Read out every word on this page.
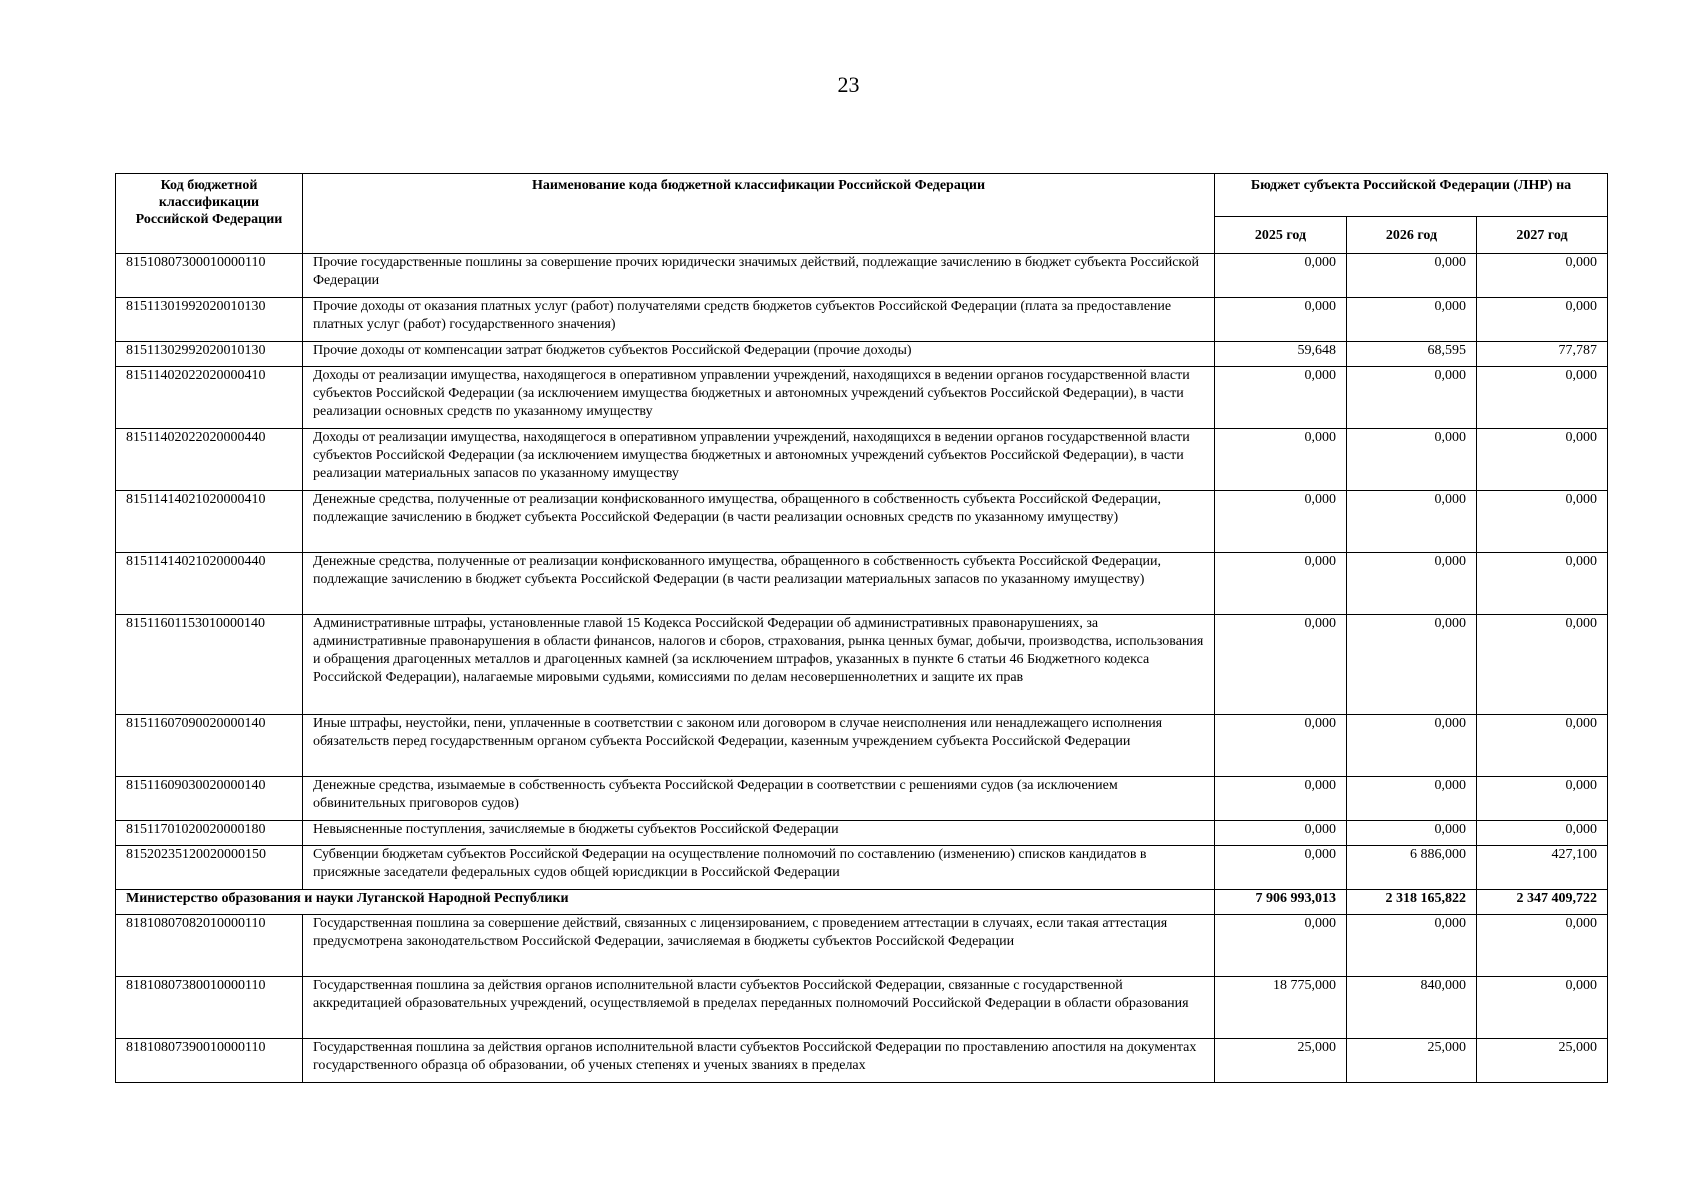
23
Код бюджетной классификации Российской Федерации	Наименование кода бюджетной классификации Российской Федерации	Бюджет субъекта Российской Федерации (ЛНР) на		
		2025 год	2026 год	2027 год
81510807300010000110	Прочие государственные пошлины за совершение прочих юридически значимых действий, подлежащие зачислению в бюджет субъекта Российской Федерации	0,000	0,000	0,000
81511301992020010130	Прочие доходы от оказания платных услуг (работ) получателями средств бюджетов субъектов Российской Федерации (плата за предоставление платных услуг (работ) государственного значения)	0,000	0,000	0,000
81511302992020010130	Прочие доходы от компенсации затрат бюджетов субъектов Российской Федерации (прочие доходы)	59,648	68,595	77,787
81511402022020000410	Доходы от реализации имущества, находящегося в оперативном управлении учреждений, находящихся в ведении органов государственной власти субъектов Российской Федерации (за исключением имущества бюджетных и автономных учреждений субъектов Российской Федерации), в части реализации основных средств по указанному имуществу	0,000	0,000	0,000
81511402022020000440	Доходы от реализации имущества, находящегося в оперативном управлении учреждений, находящихся в ведении органов государственной власти субъектов Российской Федерации (за исключением имущества бюджетных и автономных учреждений субъектов Российской Федерации), в части реализации материальных запасов по указанному имуществу	0,000	0,000	0,000
81511414021020000410	Денежные средства, полученные от реализации конфискованного имущества, обращенного в собственность субъекта Российской Федерации, подлежащие зачислению в бюджет субъекта Российской Федерации (в части реализации основных средств по указанному имуществу)	0,000	0,000	0,000
81511414021020000440	Денежные средства, полученные от реализации конфискованного имущества, обращенного в собственность субъекта Российской Федерации, подлежащие зачислению в бюджет субъекта Российской Федерации (в части реализации материальных запасов по указанному имуществу)	0,000	0,000	0,000
81511601153010000140	Административные штрафы, установленные главой 15 Кодекса Российской Федерации об административных правонарушениях, за административные правонарушения в области финансов, налогов и сборов, страхования, рынка ценных бумаг, добычи, производства, использования и обращения драгоценных металлов и драгоценных камней (за исключением штрафов, указанных в пункте 6 статьи 46 Бюджетного кодекса Российской Федерации), налагаемые мировыми судьями, комиссиями по делам несовершеннолетних и защите их прав	0,000	0,000	0,000
81511607090020000140	Иные штрафы, неустойки, пени, уплаченные в соответствии с законом или договором в случае неисполнения или ненадлежащего исполнения обязательств перед государственным органом субъекта Российской Федерации, казенным учреждением субъекта Российской Федерации	0,000	0,000	0,000
81511609030020000140	Денежные средства, изымаемые в собственность субъекта Российской Федерации в соответствии с решениями судов (за исключением обвинительных приговоров судов)	0,000	0,000	0,000
81511701020020000180	Невыясненные поступления, зачисляемые в бюджеты субъектов Российской Федерации	0,000	0,000	0,000
81520235120020000150	Субвенции бюджетам субъектов Российской Федерации на осуществление полномочий по составлению (изменению) списков кандидатов в присяжные заседатели федеральных судов общей юрисдикции в Российской Федерации	0,000	6 886,000	427,100
Министерство образования и науки Луганской Народной Республики		7 906 993,013	2 318 165,822	2 347 409,722
81810807082010000110	Государственная пошлина за совершение действий, связанных с лицензированием, с проведением аттестации в случаях, если такая аттестация предусмотрена законодательством Российской Федерации, зачисляемая в бюджеты субъектов Российской Федерации	0,000	0,000	0,000
81810807380010000110	Государственная пошлина за действия органов исполнительной власти субъектов Российской Федерации, связанные с государственной аккредитацией образовательных учреждений, осуществляемой в пределах переданных полномочий Российской Федерации в области образования	18 775,000	840,000	0,000
81810807390010000110	Государственная пошлина за действия органов исполнительной власти субъектов Российской Федерации по проставлению апостиля на документах государственного образца об образовании, об ученых степенях и ученых званиях в пределах	25,000	25,000	25,000
